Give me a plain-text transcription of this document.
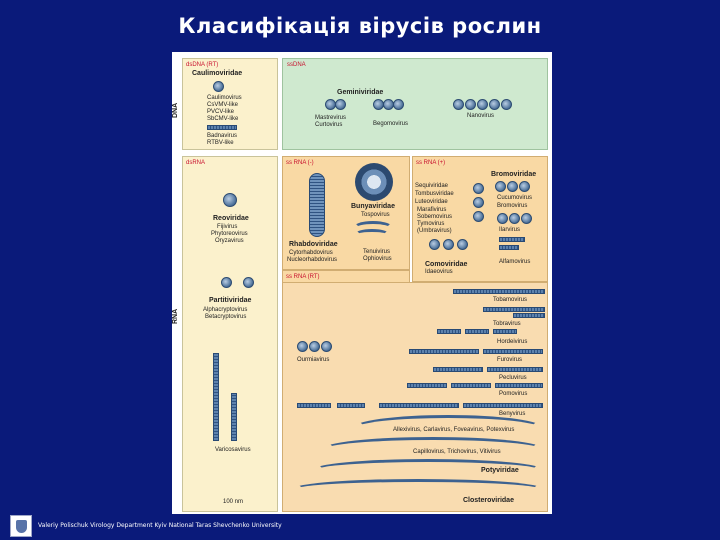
Класифікація вірусів рослин
DNA
RNA
dsDNA (RT)
Caulimoviridae
Caulimovirus
CsVMV-like
PVCV-like
SbCMV-like
Badnavirus
RTBV-like
ssDNA
Geminiviridae
Mastrevirus
Curtovirus	Begomovirus
Nanovirus
dsRNA
Reoviridae
Fijivirus
Phytoreovirus
Oryzavirus
Partitiviridae
Alphacryptovirus
Betacryptovirus
Varicosavirus
100 nm
ss RNA (-)
Bunyaviridae
Tospovirus
Rhabdoviridae
Cytorhabdovirus
Nucleorhabdovirus
Tenuivirus
Ophiovirus
ss RNA (+)
Bromoviridae
Sequiviridae
Tombusviridae
Luteoviridae
Marafivirus
Sobemovirus
Tymovirus
(Umbravirus)
Cucumovirus
Bromovirus
Ilarvirus
Alfamovirus
Comoviridae
Idaeovirus
ss RNA (RT)
Ourmiavirus
Tobamovirus
Tobravirus
Hordeivirus
Furovirus
Pecluvirus
Pomovirus
Benyvirus
Allexivirus, Carlavirus, Foveavirus, Potexvirus
Capillovirus, Trichovirus, Vitivirus
Potyviridae
Closteroviridae
Valeriy Polischuk Virology Department Kyiv National Taras Shevchenko University
